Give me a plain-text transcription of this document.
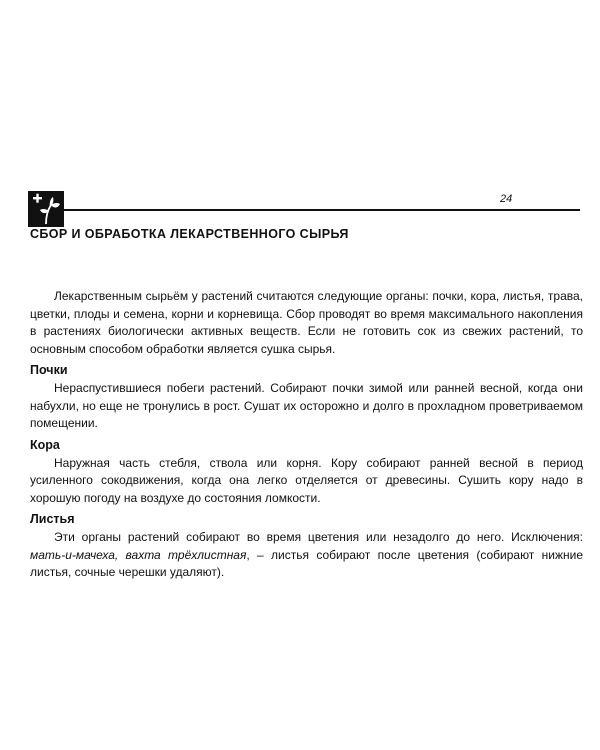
24
СБОР И ОБРАБОТКА ЛЕКАРСТВЕННОГО СЫРЬЯ

Лекарственным сырьём у растений считаются следующие органы: почки, кора, листья, трава, цветки, плоды и семена, корни и корневища. Сбор проводят во время максимального накопления в растениях биологически активных веществ. Если не готовить сок из свежих растений, то основным способом обработки является сушка сырья.

Почки

Нераспустившиеся побеги растений. Собирают почки зимой или ранней весной, когда они набухли, но еще не тронулись в рост. Сушат их осторожно и долго в прохладном проветриваемом помещении.

Кора

Наружная часть стебля, ствола или корня. Кору собирают ранней весной в период усиленного сокодвижения, когда она легко отделяется от древесины. Сушить кору надо в хорошую погоду на воздухе до состояния ломкости.

Листья

Эти органы растений собирают во время цветения или незадолго до него. Исключения: мать-и-мачеха, вахта трёхлистная, – листья собирают после цветения (собирают нижние листья, сочные черешки удаляют).
